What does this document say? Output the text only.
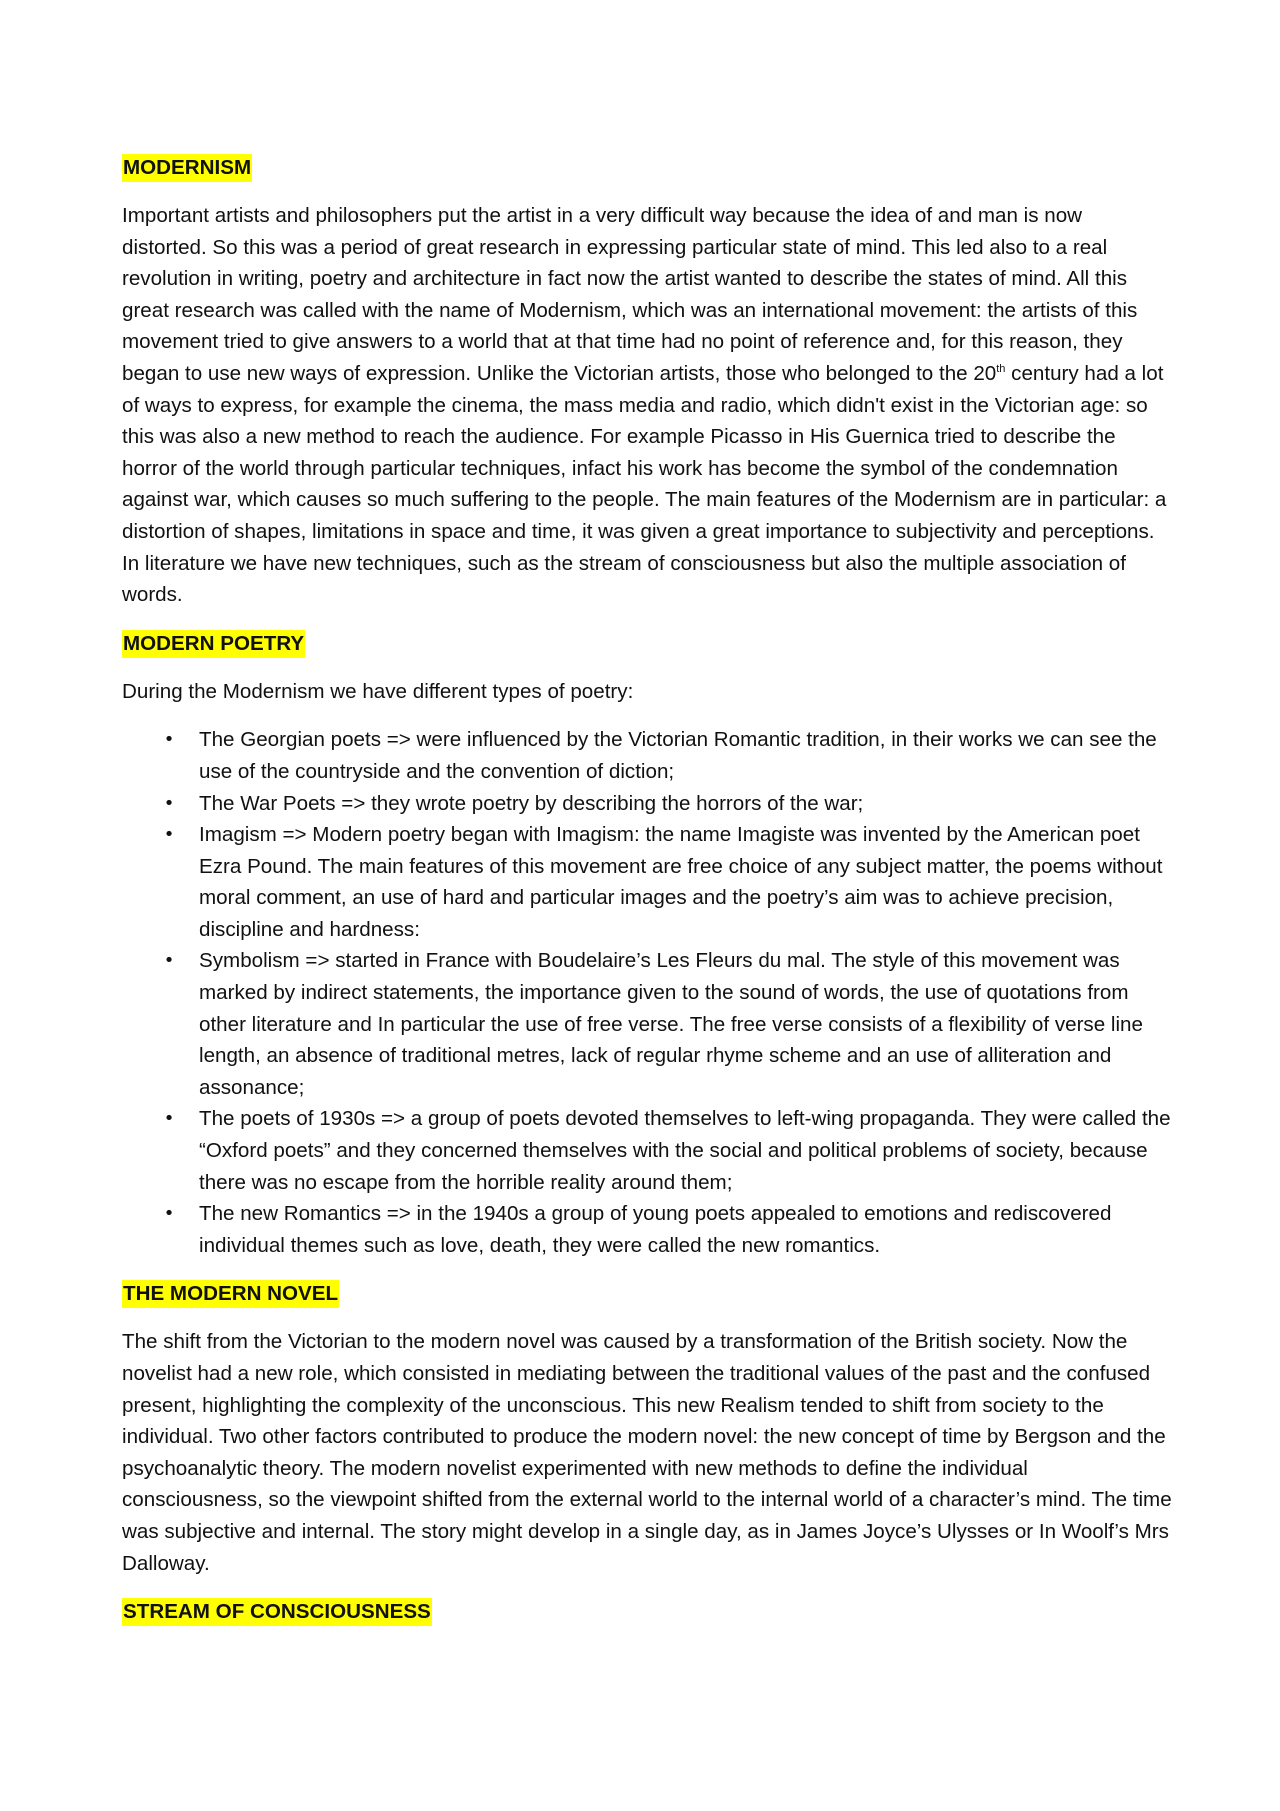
MODERNISM

Important artists and philosophers put the artist in a very difficult way because the idea of and man is now distorted. So this was a period of great research in expressing particular state of mind. This led also to a real revolution in writing, poetry and architecture in fact now the artist wanted to describe the states of mind. All this great research was called with the name of Modernism, which was an international movement: the artists of this movement tried to give answers to a world that at that time had no point of reference and, for this reason, they began to use new ways of expression. Unlike the Victorian artists, those who belonged to the 20th century had a lot of ways to express, for example the cinema, the mass media and radio, which didn't exist in the Victorian age: so this was also a new method to reach the audience. For example Picasso in His Guernica tried to describe the horror of the world through particular techniques, infact his work has become the symbol of the condemnation against war, which causes so much suffering to the people. The main features of the Modernism are in particular: a distortion of shapes, limitations in space and time, it was given a great importance to subjectivity and perceptions. In literature we have new techniques, such as the stream of consciousness but also the multiple association of words.

MODERN POETRY

During the Modernism we have different types of poetry:

• The Georgian poets => were influenced by the Victorian Romantic tradition, in their works we can see the use of the countryside and the convention of diction;
• The War Poets => they wrote poetry by describing the horrors of the war;
• Imagism => Modern poetry began with Imagism: the name Imagiste was invented by the American poet Ezra Pound. The main features of this movement are free choice of any subject matter, the poems without moral comment, an use of hard and particular images and the poetry’s aim was to achieve precision, discipline and hardness:
• Symbolism => started in France with Boudelaire’s Les Fleurs du mal. The style of this movement was marked by indirect statements, the importance given to the sound of words, the use of quotations from other literature and In particular the use of free verse. The free verse consists of a flexibility of verse line length, an absence of traditional metres, lack of regular rhyme scheme and an use of alliteration and assonance;
• The poets of 1930s => a group of poets devoted themselves to left-wing propaganda. They were called the “Oxford poets” and they concerned themselves with the social and political problems of society, because there was no escape from the horrible reality around them;
• The new Romantics => in the 1940s a group of young poets appealed to emotions and rediscovered individual themes such as love, death, they were called the new romantics.
THE MODERN NOVEL

The shift from the Victorian to the modern novel was caused by a transformation of the British society. Now the novelist had a new role, which consisted in mediating between the traditional values of the past and the confused present, highlighting the complexity of the unconscious. This new Realism tended to shift from society to the individual. Two other factors contributed to produce the modern novel: the new concept of time by Bergson and the psychoanalytic theory. The modern novelist experimented with new methods to define the individual consciousness, so the viewpoint shifted from the external world to the internal world of a character’s mind. The time was subjective and internal. The story might develop in a single day, as in James Joyce’s Ulysses or In Woolf’s Mrs Dalloway.

STREAM OF CONSCIOUSNESS
